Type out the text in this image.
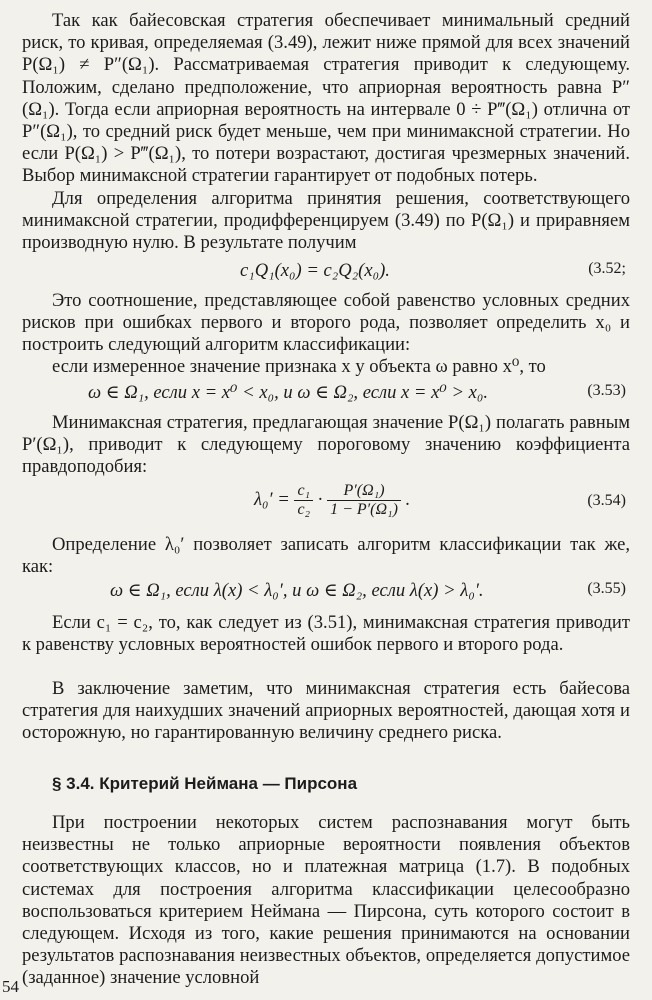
Так как байесовская стратегия обеспечивает минимальный средний риск, то кривая, определяемая (3.49), лежит ниже прямой для всех значений P(Ω₁) ≠ P″(Ω₁). Рассматриваемая стратегия приводит к следующему. Положим, сделано предположение, что априорная вероятность равна P″(Ω₁). Тогда если априорная вероятность на интервале 0 ÷ P‴(Ω₁) отлична от P″(Ω₁), то средний риск будет меньше, чем при минимаксной стратегии. Но если P(Ω₁) > P‴(Ω₁), то потери возрастают, достигая чрезмерных значений. Выбор минимаксной стратегии гарантирует от подобных потерь.

Для определения алгоритма принятия решения, соответствующего минимаксной стратегии, продифференцируем (3.49) по P(Ω₁) и приравняем производную нулю. В результате получим

c₁Q₁(x₀) = c₂Q₂(x₀).	(3.52;

Это соотношение, представляющее собой равенство условных средних рисков при ошибках первого и второго рода, позволяет определить x₀ и построить следующий алгоритм классификации:

если измеренное значение признака x у объекта ω равно x⁰, то

ω ∈ Ω₁, если x = x⁰ < x₀, и ω ∈ Ω₂, если x = x⁰ > x₀.	(3.53)

Минимаксная стратегия, предлагающая значение P(Ω₁) полагать равным P′(Ω₁), приводит к следующему пороговому значению коэффициента правдоподобия:

$\lambda_0' = \frac{\text{c₁}}{\text{c₂}} \cdot \frac{\text{P′(Ω₁)}}{\text{1 − P′(Ω₁)}}$ .	(3.54)

Определение λ₀′ позволяет записать алгоритм классификации так же, как:

ω ∈ Ω₁, если λ(x) < λ₀′, и ω ∈ Ω₂, если λ(x) > λ₀′.	(3.55)

Если c₁ = c₂, то, как следует из (3.51), минимаксная стратегия приводит к равенству условных вероятностей ошибок первого и второго рода.

В заключение заметим, что минимаксная стратегия есть байесова стратегия для наихудших значений априорных вероятностей, дающая хотя и осторожную, но гарантированную величину среднего риска.

§ 3.4. Критерий Неймана — Пирсона

При построении некоторых систем распознавания могут быть неизвестны не только априорные вероятности появления объектов соответствующих классов, но и платежная матрица (1.7). В подобных системах для построения алгоритма классификации целесообразно воспользоваться критерием Неймана — Пирсона, суть которого состоит в следующем. Исходя из того, какие решения принимаются на основании результатов распознавания неизвестных объектов, определяется допустимое (заданное) значение условной

54
